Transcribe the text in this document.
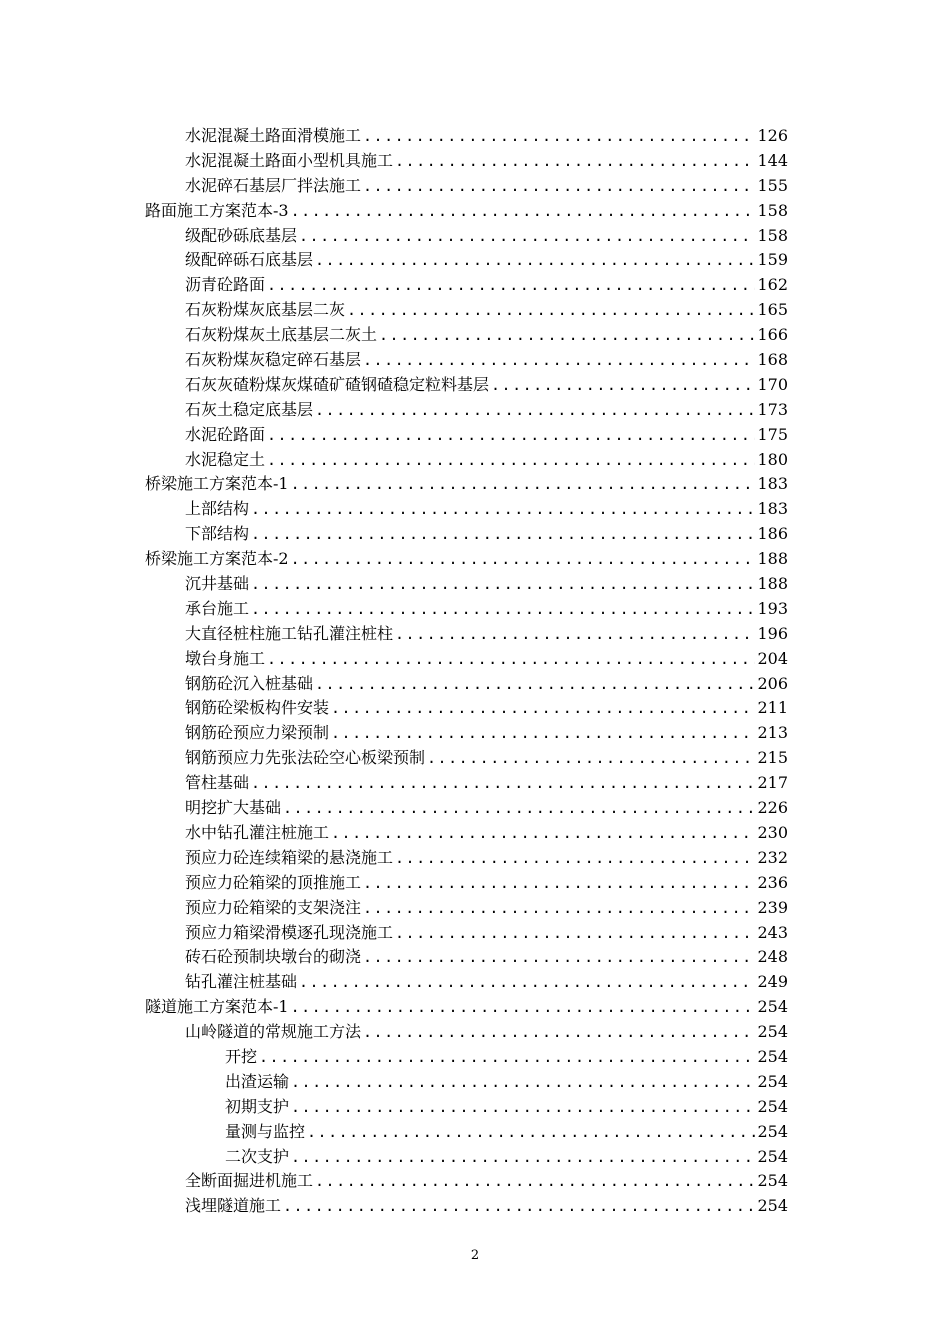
水泥混凝土路面滑模施工 .....	126
水泥混凝土路面小型机具施工 .....	144
水泥碎石基层厂拌法施工 .....	155
路面施工方案范本-3 .....	158
级配砂砾底基层 .....	158
级配碎砾石底基层 .....	159
沥青砼路面 .....	162
石灰粉煤灰底基层二灰 .....	165
石灰粉煤灰土底基层二灰土 .....	166
石灰粉煤灰稳定碎石基层 .....	168
石灰灰碴粉煤灰煤碴矿碴钢碴稳定粒料基层 .....	170
石灰土稳定底基层 .....	173
水泥砼路面 .....	175
水泥稳定土 .....	180
桥梁施工方案范本-1 .....	183
上部结构 .....	183
下部结构 .....	186
桥梁施工方案范本-2 .....	188
沉井基础 .....	188
承台施工 .....	193
大直径桩柱施工钻孔灌注桩柱 .....	196
墩台身施工 .....	204
钢筋砼沉入桩基础 .....	206
钢筋砼梁板构件安装 .....	211
钢筋砼预应力梁预制 .....	213
钢筋预应力先张法砼空心板梁预制 .....	215
管柱基础 .....	217
明挖扩大基础 .....	226
水中钻孔灌注桩施工 .....	230
预应力砼连续箱梁的悬浇施工 .....	232
预应力砼箱梁的顶推施工 .....	236
预应力砼箱梁的支架浇注 .....	239
预应力箱梁滑模逐孔现浇施工 .....	243
砖石砼预制块墩台的砌浇 .....	248
钻孔灌注桩基础 .....	249
隧道施工方案范本-1 .....	254
山岭隧道的常规施工方法 .....	254
开挖 .....	254
出渣运输 .....	254
初期支护 .....	254
量测与监控 .....	254
二次支护 .....	254
全断面掘进机施工 .....	254
浅埋隧道施工 .....	254
2
